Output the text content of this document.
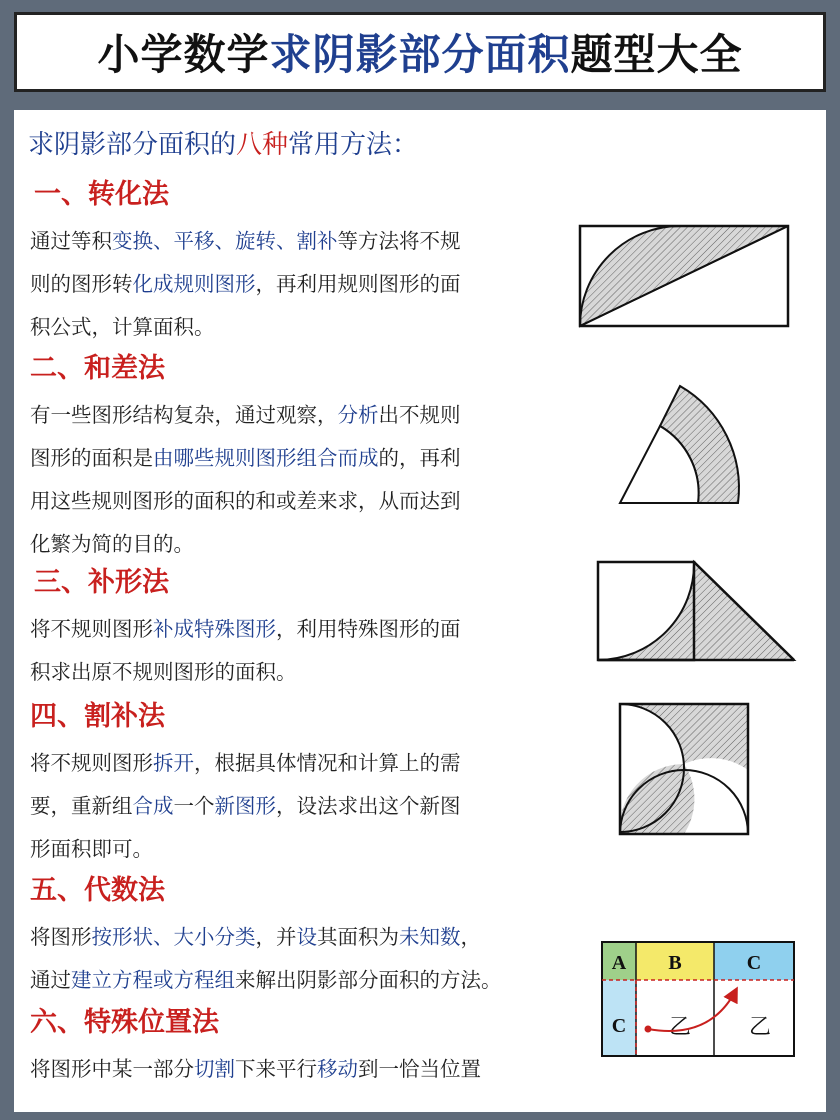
小学数学 求阴影部分面积 题型大全
求阴影部分面积的八种常用方法：
一、转化法
通过等积变换、平移、旋转、割补等方法将不规
则的图形转化成规则图形，再利用规则图形的面
积公式，计算面积。
二、和差法
有一些图形结构复杂，通过观察，分析出不规则
图形的面积是由哪些规则图形组合而成的，再利
用这些规则图形的面积的和或差来求，从而达到
化繁为简的目的。
三、补形法
将不规则图形补成特殊图形，利用特殊图形的面
积求出原不规则图形的面积。
四、割补法
将不规则图形拆开，根据具体情况和计算上的需
要，重新组合成一个新图形，设法求出这个新图
形面积即可。
五、代数法
将图形按形状、大小分类，并设其面积为未知数，
通过建立方程或方程组来解出阴影部分面积的方法。
六、特殊位置法
将图形中某一部分切割下来平行移动到一恰当位置
A B	C
C 乙	乙
